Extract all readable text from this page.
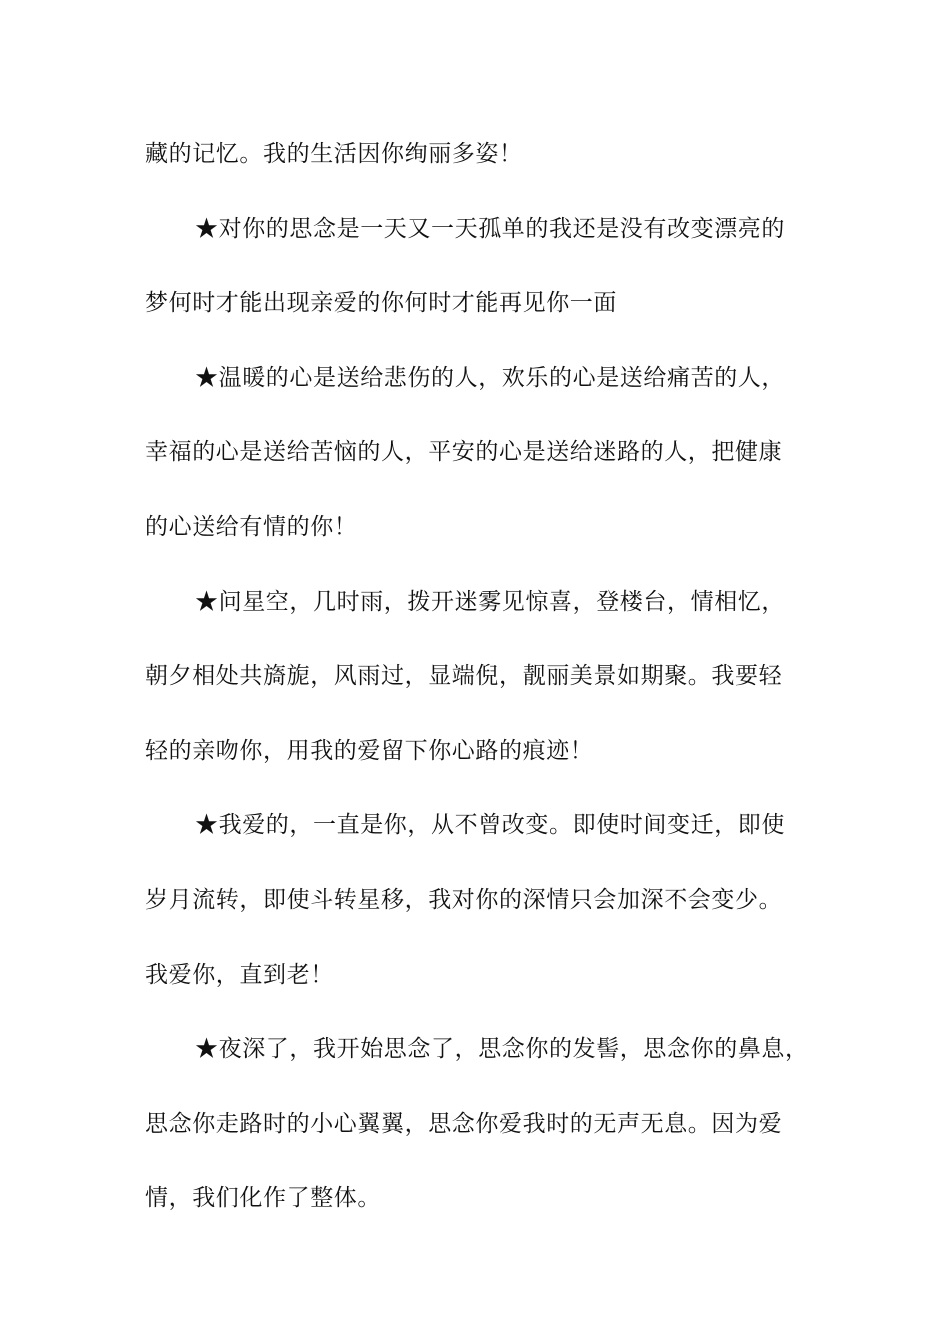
藏的记忆。我的生活因你绚丽多姿！
★对你的思念是一天又一天孤单的我还是没有改变漂亮的
梦何时才能出现亲爱的你何时才能再见你一面
★温暖的心是送给悲伤的人，欢乐的心是送给痛苦的人，
幸福的心是送给苦恼的人，平安的心是送给迷路的人，把健康
的心送给有情的你！
★问星空，几时雨，拨开迷雾见惊喜，登楼台，情相忆，
朝夕相处共旖旎，风雨过，显端倪，靓丽美景如期聚。我要轻
轻的亲吻你，用我的爱留下你心路的痕迹！
★我爱的，一直是你，从不曾改变。即使时间变迁，即使
岁月流转，即使斗转星移，我对你的深情只会加深不会变少。
我爱你，直到老！
★夜深了，我开始思念了，思念你的发髻，思念你的鼻息，
思念你走路时的小心翼翼，思念你爱我时的无声无息。因为爱
情，我们化作了整体。
